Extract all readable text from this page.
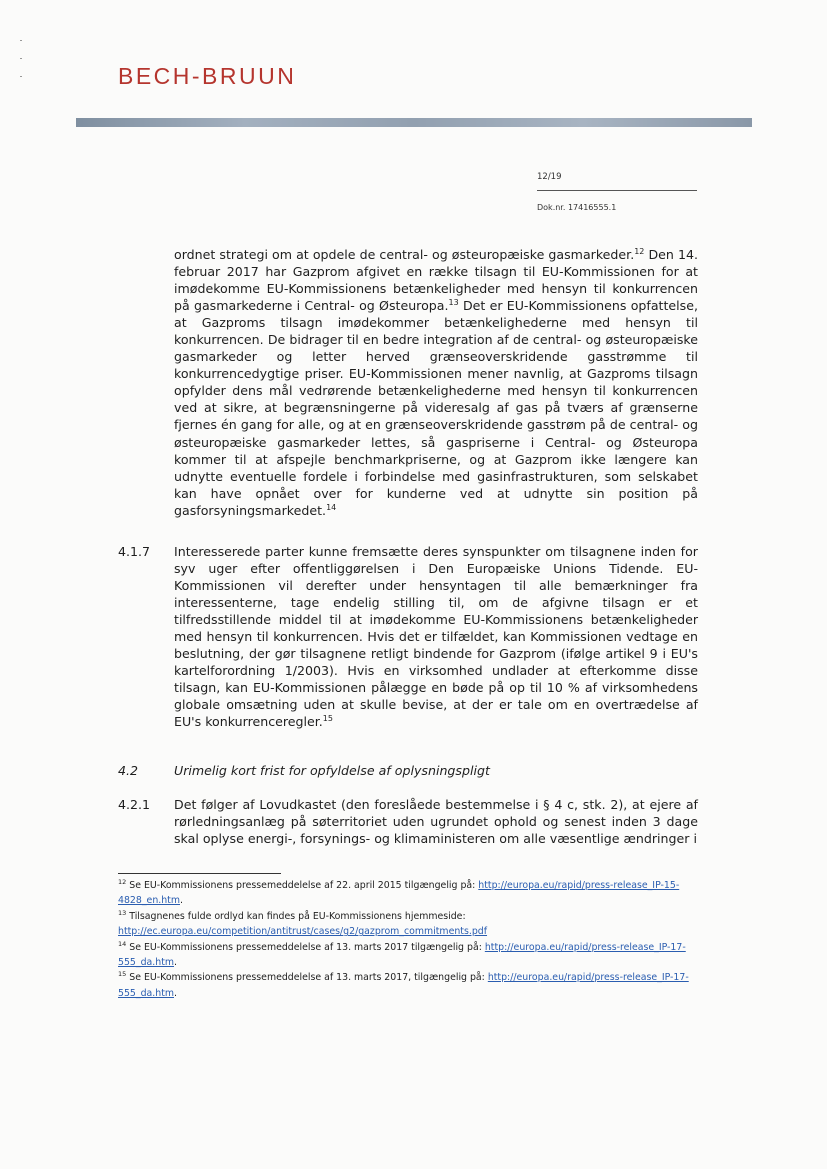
BECH-BRUUN
12/19
Dok.nr. 17416555.1

ordnet strategi om at opdele de central- og østeuropæiske gasmarkeder.$^{12}$ Den 14. februar 2017 har Gazprom afgivet en række tilsagn til EU-Kommissionen for at imødekomme EU-Kommissionens betænkeligheder med hensyn til konkurrencen på gasmarkederne i Central- og Østeuropa.$^{13}$ Det er EU-Kommissionens opfattelse, at Gazproms tilsagn imødekommer betænkelighederne med hensyn til konkurrencen. De bidrager til en bedre integration af de central- og østeuropæiske gasmarkeder og letter herved grænseoverskridende gasstrømme til konkurrencedygtige priser. EU-Kommissionen mener navnlig, at Gazproms tilsagn opfylder dens mål vedrørende betænkelighederne med hensyn til konkurrencen ved at sikre, at begrænsningerne på videresalg af gas på tværs af grænserne fjernes én gang for alle, og at en grænseoverskridende gasstrøm på de central- og østeuropæiske gasmarkeder lettes, så gaspriserne i Central- og Østeuropa kommer til at afspejle benchmarkpriserne, og at Gazprom ikke længere kan udnytte eventuelle fordele i forbindelse med gasinfrastrukturen, som selskabet kan have opnået over for kunderne ved at udnytte sin position på gasforsyningsmarkedet.$^{14}$

4.1.7	Interesserede parter kunne fremsætte deres synspunkter om tilsagnene inden for syv uger efter offentliggørelsen i Den Europæiske Unions Tidende. EU-Kommissionen vil derefter under hensyntagen til alle bemærkninger fra interessenterne, tage endelig stilling til, om de afgivne tilsagn er et tilfredsstillende middel til at imødekomme EU-Kommissionens betænkeligheder med hensyn til konkurrencen. Hvis det er tilfældet, kan Kommissionen vedtage en beslutning, der gør tilsagnene retligt bindende for Gazprom (ifølge artikel 9 i EU's kartelforordning 1/2003). Hvis en virksomhed undlader at efterkomme disse tilsagn, kan EU-Kommissionen pålægge en bøde på op til 10 % af virksomhedens globale omsætning uden at skulle bevise, at der er tale om en overtrædelse af EU's konkurrenceregler.$^{15}$

4.2	Urimelig kort frist for opfyldelse af oplysningspligt
4.2.1	Det følger af Lovudkastet (den foreslåede bestemmelse i § 4 c, stk. 2), at ejere af rørledningsanlæg på søterritoriet uden ugrundet ophold og senest inden 3 dage skal oplyse energi-, forsynings- og klimaministeren om alle væsentlige ændringer i

$^{12}$ Se EU-Kommissionens pressemeddelelse af 22. april 2015 tilgængelig på: http://europa.eu/rapid/press-release_IP-15-4828_en.htm.

$^{13}$ Tilsagnenes fulde ordlyd kan findes på EU-Kommissionens hjemmeside: http://ec.europa.eu/competition/antitrust/cases/g2/gazprom_commitments.pdf

$^{14}$ Se EU-Kommissionens pressemeddelelse af 13. marts 2017 tilgængelig på: http://europa.eu/rapid/press-release_IP-17-555_da.htm.

$^{15}$ Se EU-Kommissionens pressemeddelelse af 13. marts 2017, tilgængelig på: http://europa.eu/rapid/press-release_IP-17-555_da.htm.
